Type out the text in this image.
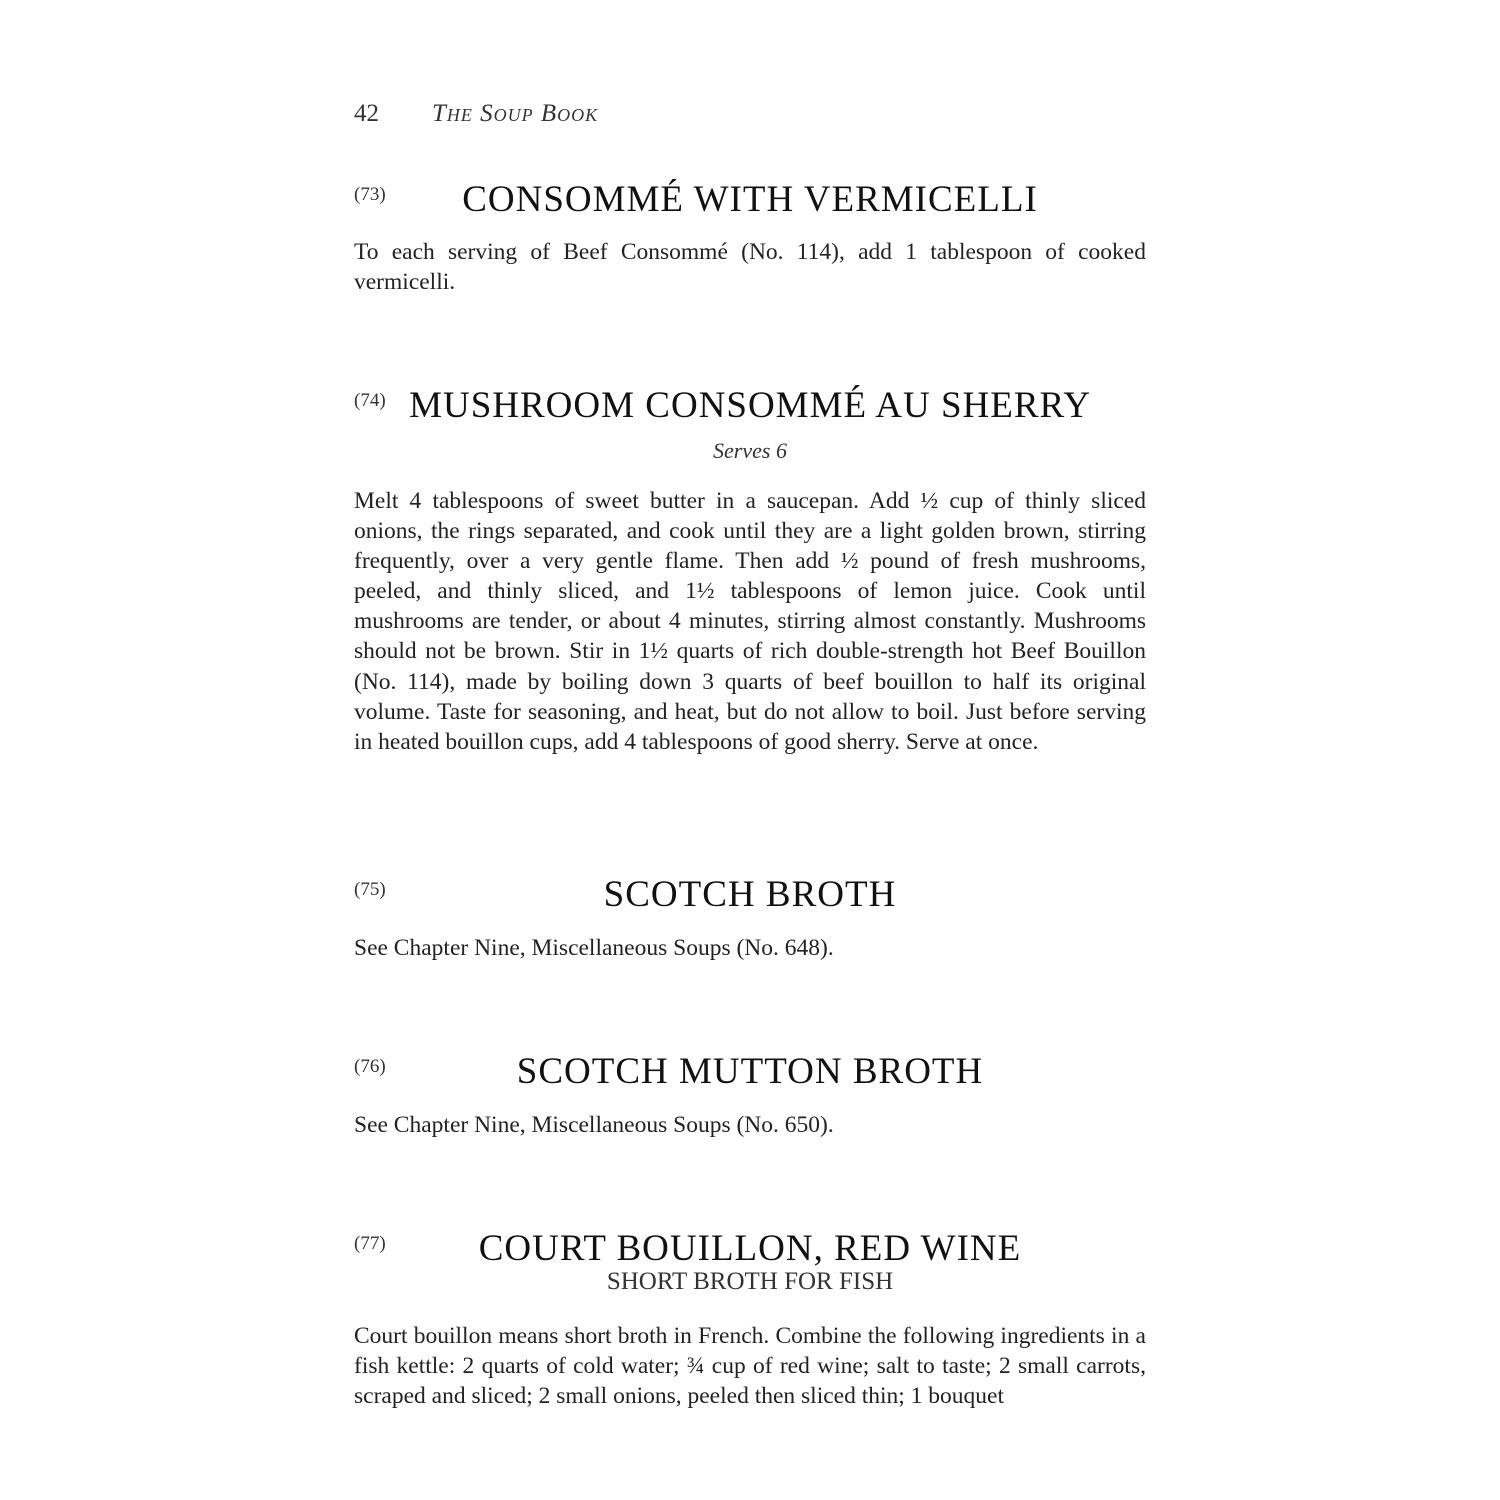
42 The Soup Book
(73)	CONSOMMÉ WITH VERMICELLI
To each serving of Beef Consommé (No. 114), add 1 tablespoon of cooked vermicelli.
(74) MUSHROOM CONSOMMÉ AU SHERRY
Serves 6
Melt 4 tablespoons of sweet butter in a saucepan. Add ½ cup of thinly sliced onions, the rings separated, and cook until they are a light golden brown, stirring frequently, over a very gentle flame. Then add ½ pound of fresh mushrooms, peeled, and thinly sliced, and 1½ tablespoons of lemon juice. Cook until mushrooms are tender, or about 4 minutes, stirring almost constantly. Mushrooms should not be brown. Stir in 1½ quarts of rich double-strength hot Beef Bouillon (No. 114), made by boiling down 3 quarts of beef bouillon to half its original volume. Taste for seasoning, and heat, but do not allow to boil. Just before serving in heated bouillon cups, add 4 tablespoons of good sherry. Serve at once.
(75)	SCOTCH BROTH
See Chapter Nine, Miscellaneous Soups (No. 648).
(76)	SCOTCH MUTTON BROTH
See Chapter Nine, Miscellaneous Soups (No. 650).
(77)	COURT BOUILLON, RED WINE
SHORT BROTH FOR FISH
Court bouillon means short broth in French. Combine the following ingredients in a fish kettle: 2 quarts of cold water; ¾ cup of red wine; salt to taste; 2 small carrots, scraped and sliced; 2 small onions, peeled then sliced thin; 1 bouquet
